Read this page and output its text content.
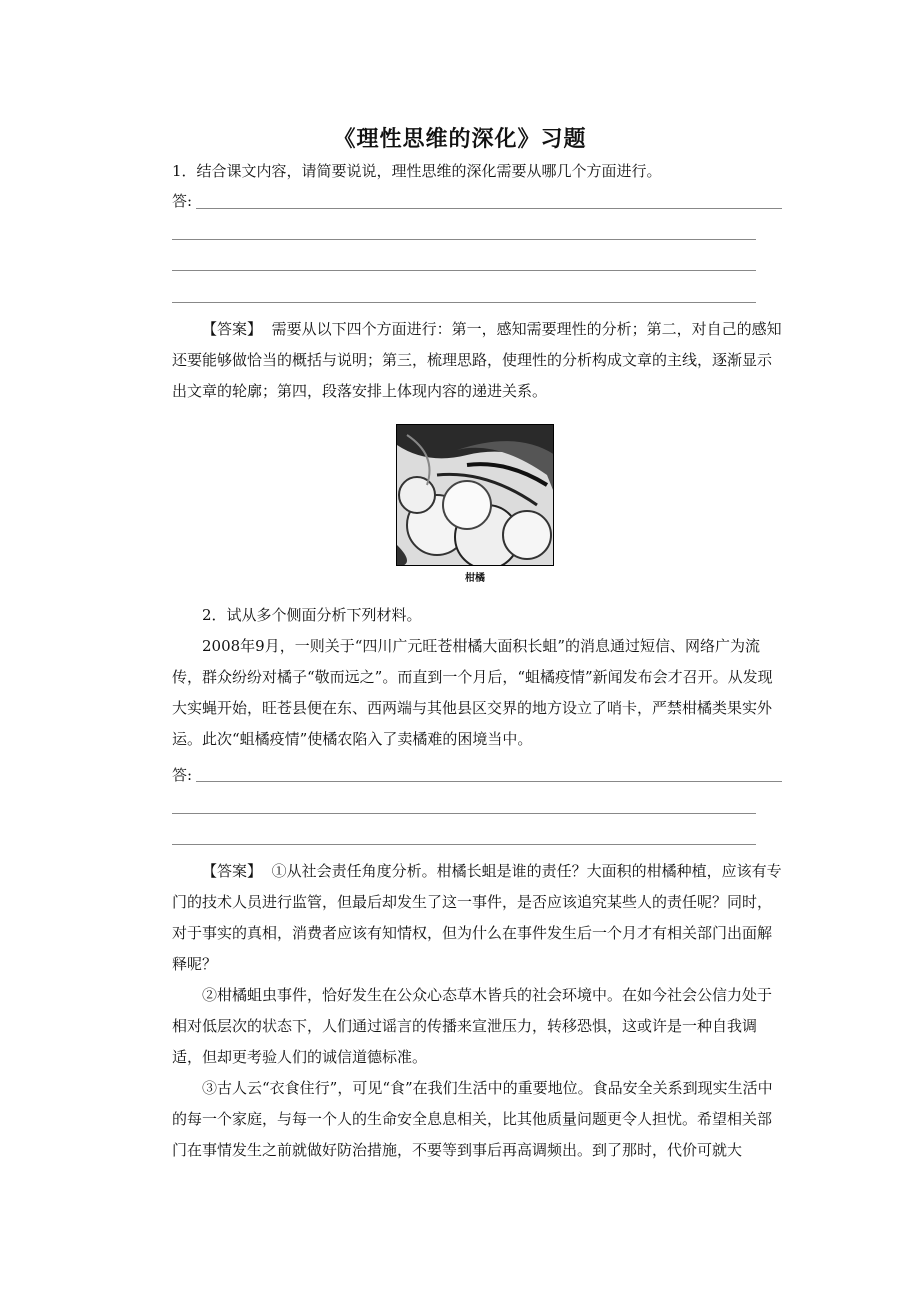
《理性思维的深化》习题
1．结合课文内容，请简要说说，理性思维的深化需要从哪几个方面进行。
答:
【答案】 需要从以下四个方面进行：第一，感知需要理性的分析；第二，对自己的感知还要能够做恰当的概括与说明；第三，梳理思路，使理性的分析构成文章的主线，逐渐显示出文章的轮廓；第四，段落安排上体现内容的递进关系。
柑橘
2．试从多个侧面分析下列材料。
2008年9月，一则关于“四川广元旺苍柑橘大面积长蛆”的消息通过短信、网络广为流传，群众纷纷对橘子“敬而远之”。而直到一个月后，“蛆橘疫情”新闻发布会才召开。从发现大实蝇开始，旺苍县便在东、西两端与其他县区交界的地方设立了哨卡，严禁柑橘类果实外运。此次“蛆橘疫情”使橘农陷入了卖橘难的困境当中。
答:
【答案】 ①从社会责任角度分析。柑橘长蛆是谁的责任？大面积的柑橘种植，应该有专门的技术人员进行监管，但最后却发生了这一事件，是否应该追究某些人的责任呢？同时，对于事实的真相，消费者应该有知情权，但为什么在事件发生后一个月才有相关部门出面解释呢？
②柑橘蛆虫事件，恰好发生在公众心态草木皆兵的社会环境中。在如今社会公信力处于相对低层次的状态下，人们通过谣言的传播来宣泄压力，转移恐惧，这或许是一种自我调适，但却更考验人们的诚信道德标准。
③古人云“衣食住行”，可见“食”在我们生活中的重要地位。食品安全关系到现实生活中的每一个家庭，与每一个人的生命安全息息相关，比其他质量问题更令人担忧。希望相关部门在事情发生之前就做好防治措施，不要等到事后再高调频出。到了那时，代价可就大
